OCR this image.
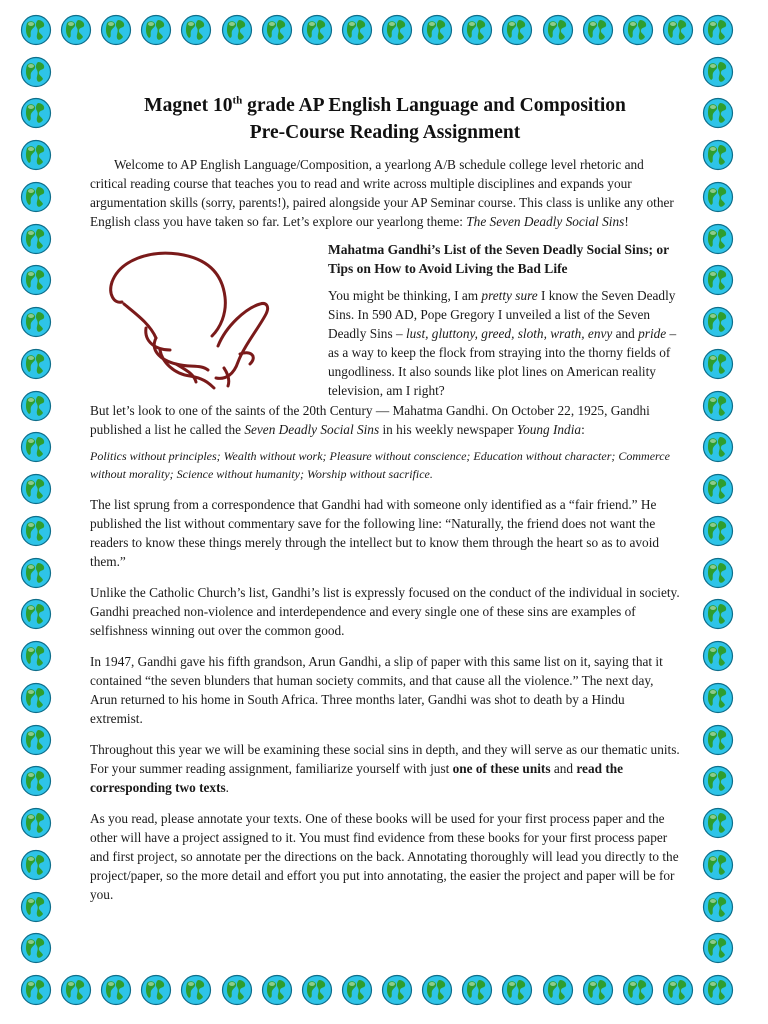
Magnet 10th grade AP English Language and Composition
Pre-Course Reading Assignment

Welcome to AP English Language/Composition, a yearlong A/B schedule college level rhetoric and critical reading course that teaches you to read and write across multiple disciplines and expands your argumentation skills (sorry, parents!), paired alongside your AP Seminar course. This class is unlike any other English class you have taken so far. Let’s explore our yearlong theme: The Seven Deadly Social Sins!

Mahatma Gandhi’s List of the Seven Deadly Social Sins; or Tips on How to Avoid Living the Bad Life

You might be thinking, I am pretty sure I know the Seven Deadly Sins. In 590 AD, Pope Gregory I unveiled a list of the Seven Deadly Sins – lust, gluttony, greed, sloth, wrath, envy and pride – as a way to keep the flock from straying into the thorny fields of ungodliness. It also sounds like plot lines on American reality television, am I right?

But let’s look to one of the saints of the 20th Century — Mahatma Gandhi. On October 22, 1925, Gandhi published a list he called the Seven Deadly Social Sins in his weekly newspaper Young India:

Politics without principles; Wealth without work; Pleasure without conscience; Education without character; Commerce without morality; Science without humanity; Worship without sacrifice.

The list sprung from a correspondence that Gandhi had with someone only identified as a “fair friend.” He published the list without commentary save for the following line: “Naturally, the friend does not want the readers to know these things merely through the intellect but to know them through the heart so as to avoid them.”

Unlike the Catholic Church’s list, Gandhi’s list is expressly focused on the conduct of the individual in society. Gandhi preached non-violence and interdependence and every single one of these sins are examples of selfishness winning out over the common good.

In 1947, Gandhi gave his fifth grandson, Arun Gandhi, a slip of paper with this same list on it, saying that it contained “the seven blunders that human society commits, and that cause all the violence.” The next day, Arun returned to his home in South Africa. Three months later, Gandhi was shot to death by a Hindu extremist.

Throughout this year we will be examining these social sins in depth, and they will serve as our thematic units. For your summer reading assignment, familiarize yourself with just one of these units and read the corresponding two texts.

As you read, please annotate your texts. One of these books will be used for your first process paper and the other will have a project assigned to it. You must find evidence from these books for your first process paper and first project, so annotate per the directions on the back. Annotating thoroughly will lead you directly to the project/paper, so the more detail and effort you put into annotating, the easier the project and paper will be for you.
